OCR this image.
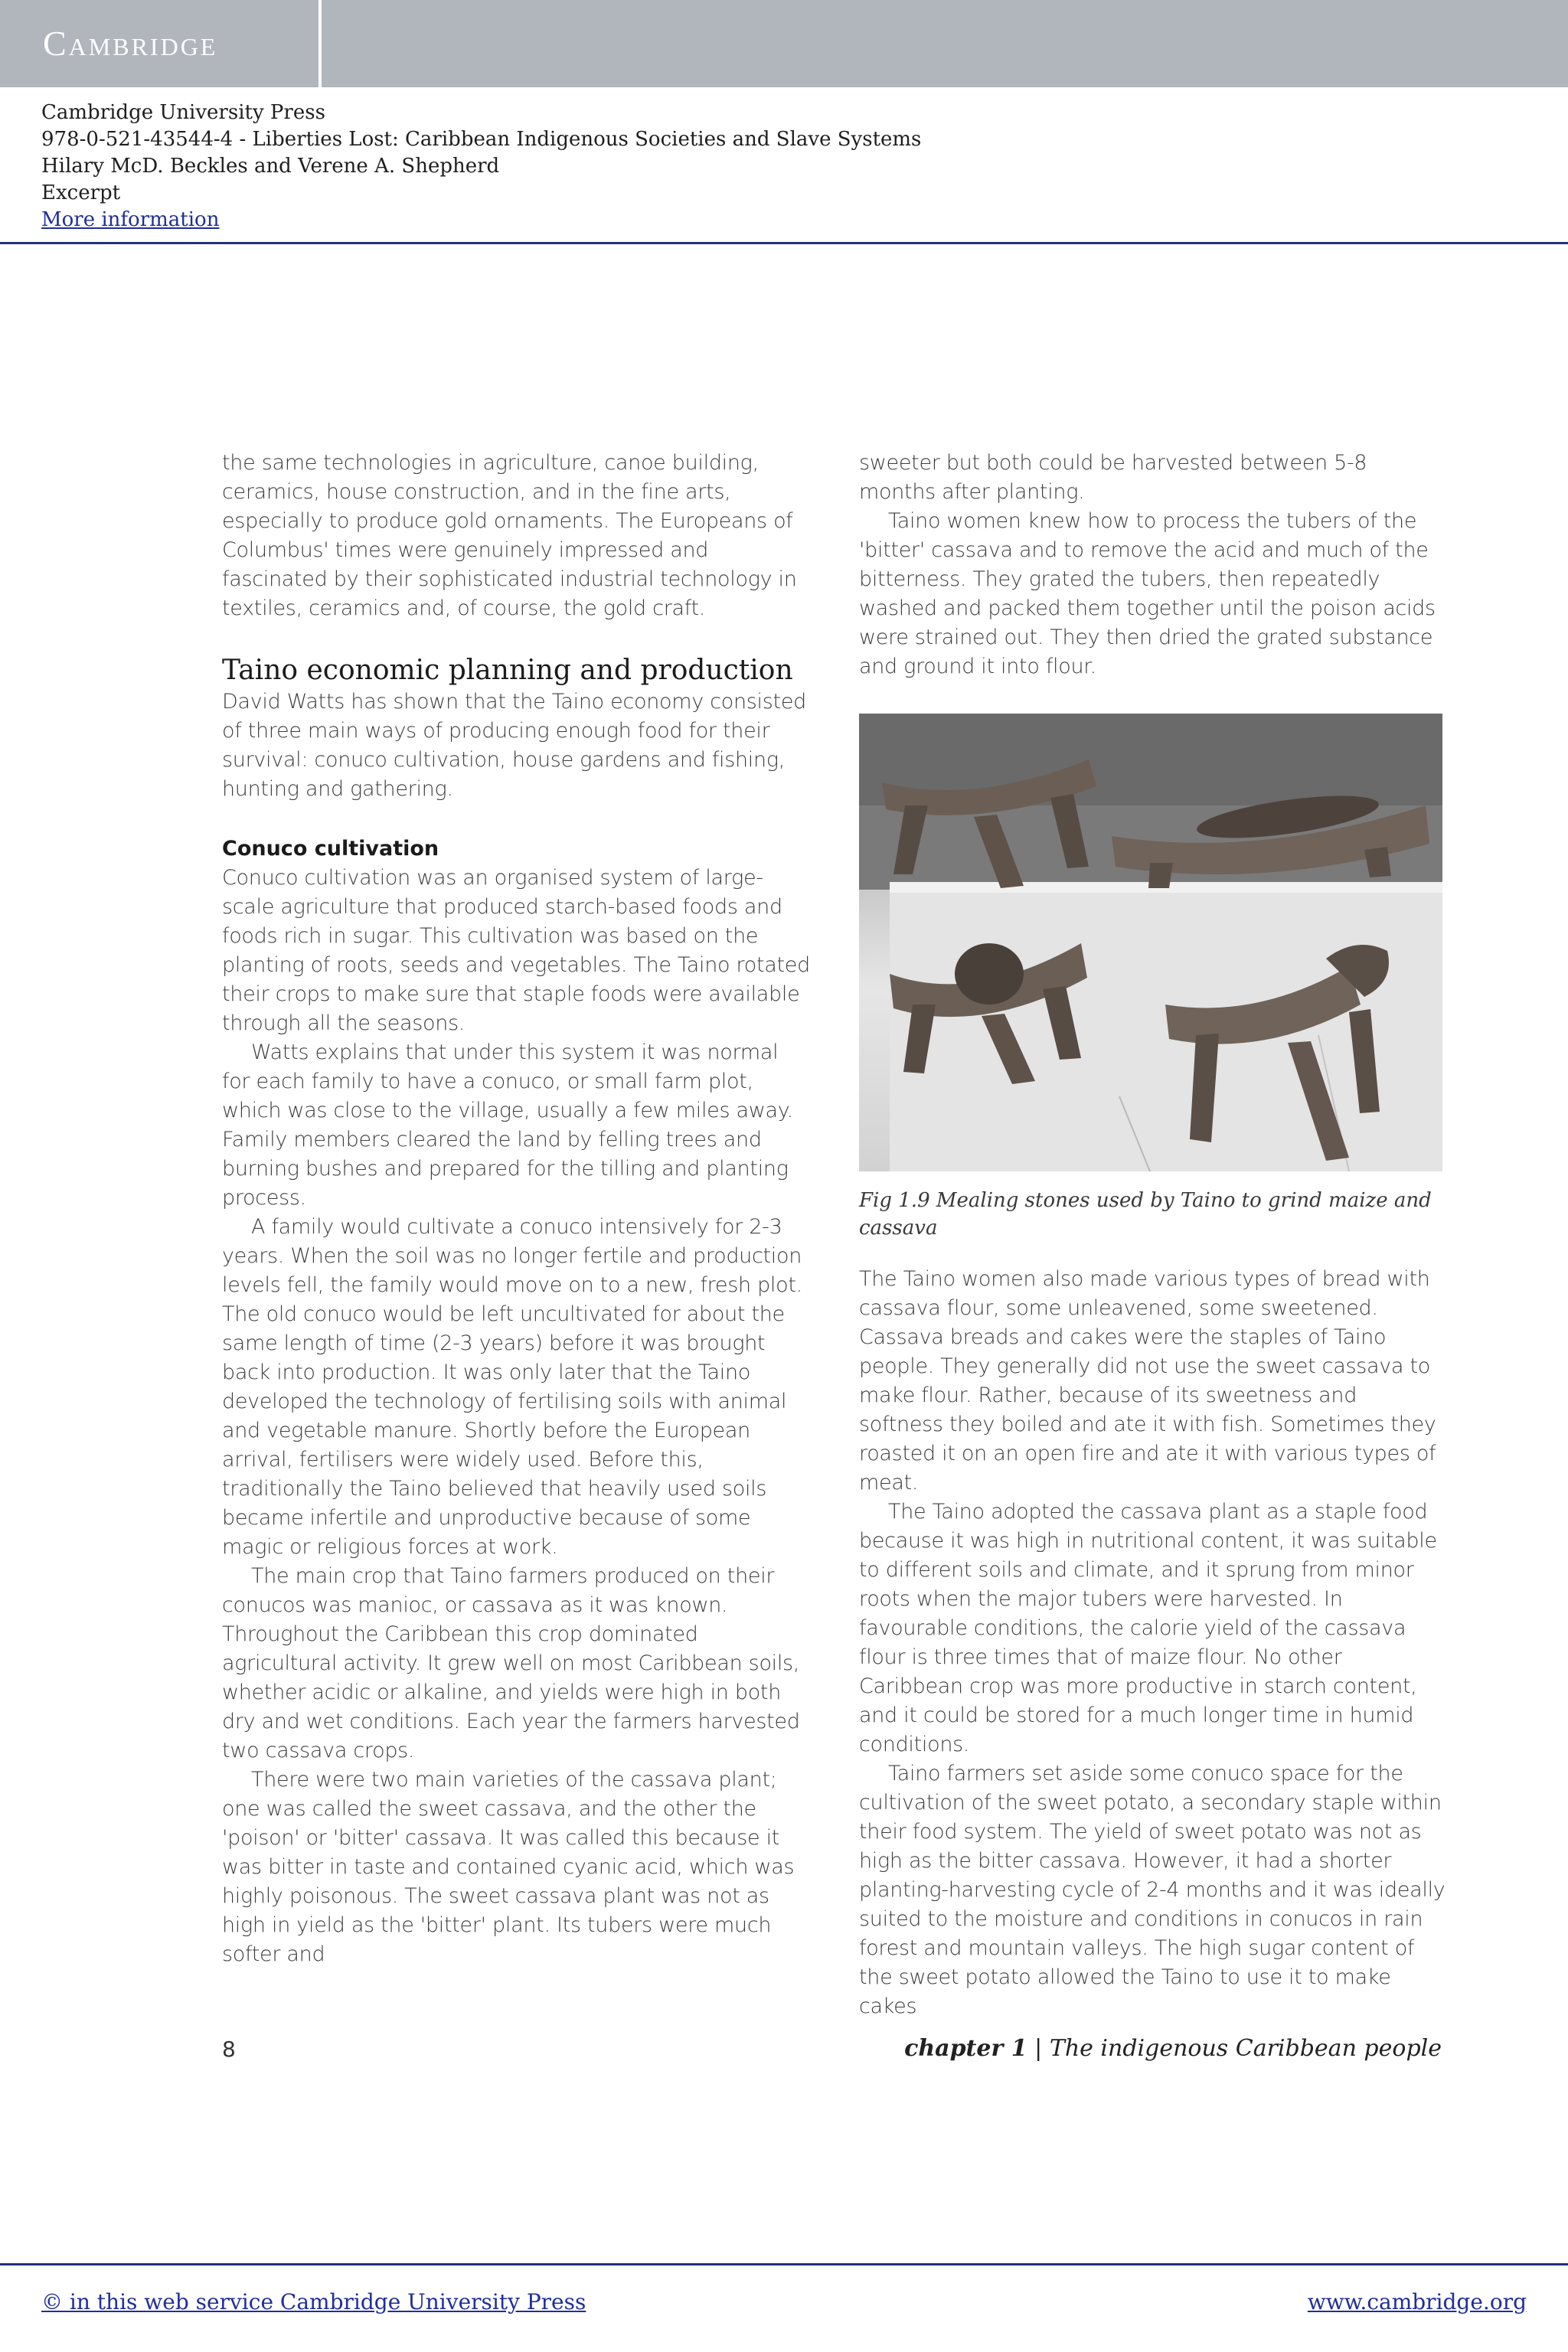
Cambridge
Cambridge University Press
978-0-521-43544-4 - Liberties Lost: Caribbean Indigenous Societies and Slave Systems
Hilary McD. Beckles and Verene A. Shepherd
Excerpt
More information

the same technologies in agriculture, canoe building, ceramics, house construction, and in the fine arts, especially to produce gold ornaments. The Europeans of Columbus' times were genuinely impressed and fascinated by their sophisticated industrial technology in textiles, ceramics and, of course, the gold craft.

Taino economic planning and production

David Watts has shown that the Taino economy consisted of three main ways of producing enough food for their survival: conuco cultivation, house gardens and fishing, hunting and gathering.

Conuco cultivation

Conuco cultivation was an organised system of large-scale agriculture that produced starch-based foods and foods rich in sugar. This cultivation was based on the planting of roots, seeds and vegetables. The Taino rotated their crops to make sure that staple foods were available through all the seasons.

Watts explains that under this system it was normal for each family to have a conuco, or small farm plot, which was close to the village, usually a few miles away. Family members cleared the land by felling trees and burning bushes and prepared for the tilling and planting process.

A family would cultivate a conuco intensively for 2-3 years. When the soil was no longer fertile and production levels fell, the family would move on to a new, fresh plot. The old conuco would be left uncultivated for about the same length of time (2-3 years) before it was brought back into production. It was only later that the Taino developed the technology of fertilising soils with animal and vegetable manure. Shortly before the European arrival, fertilisers were widely used. Before this, traditionally the Taino believed that heavily used soils became infertile and unproductive because of some magic or religious forces at work.

The main crop that Taino farmers produced on their conucos was manioc, or cassava as it was known. Throughout the Caribbean this crop dominated agricultural activity. It grew well on most Caribbean soils, whether acidic or alkaline, and yields were high in both dry and wet conditions. Each year the farmers harvested two cassava crops.

There were two main varieties of the cassava plant; one was called the sweet cassava, and the other the 'poison' or 'bitter' cassava. It was called this because it was bitter in taste and contained cyanic acid, which was highly poisonous. The sweet cassava plant was not as high in yield as the 'bitter' plant. Its tubers were much softer and

sweeter but both could be harvested between 5-8 months after planting.

Taino women knew how to process the tubers of the 'bitter' cassava and to remove the acid and much of the bitterness. They grated the tubers, then repeatedly washed and packed them together until the poison acids were strained out. They then dried the grated substance and ground it into flour.

Fig 1.9 Mealing stones used by Taino to grind maize and cassava

The Taino women also made various types of bread with cassava flour, some unleavened, some sweetened. Cassava breads and cakes were the staples of Taino people. They generally did not use the sweet cassava to make flour. Rather, because of its sweetness and softness they boiled and ate it with fish. Sometimes they roasted it on an open fire and ate it with various types of meat.

The Taino adopted the cassava plant as a staple food because it was high in nutritional content, it was suitable to different soils and climate, and it sprung from minor roots when the major tubers were harvested. In favourable conditions, the calorie yield of the cassava flour is three times that of maize flour. No other Caribbean crop was more productive in starch content, and it could be stored for a much longer time in humid conditions.

Taino farmers set aside some conuco space for the cultivation of the sweet potato, a secondary staple within their food system. The yield of sweet potato was not as high as the bitter cassava. However, it had a shorter planting-harvesting cycle of 2-4 months and it was ideally suited to the moisture and conditions in conucos in rain forest and mountain valleys. The high sugar content of the sweet potato allowed the Taino to use it to make cakes

8	chapter 1 | The indigenous Caribbean people
© in this web service Cambridge University Press	www.cambridge.org
